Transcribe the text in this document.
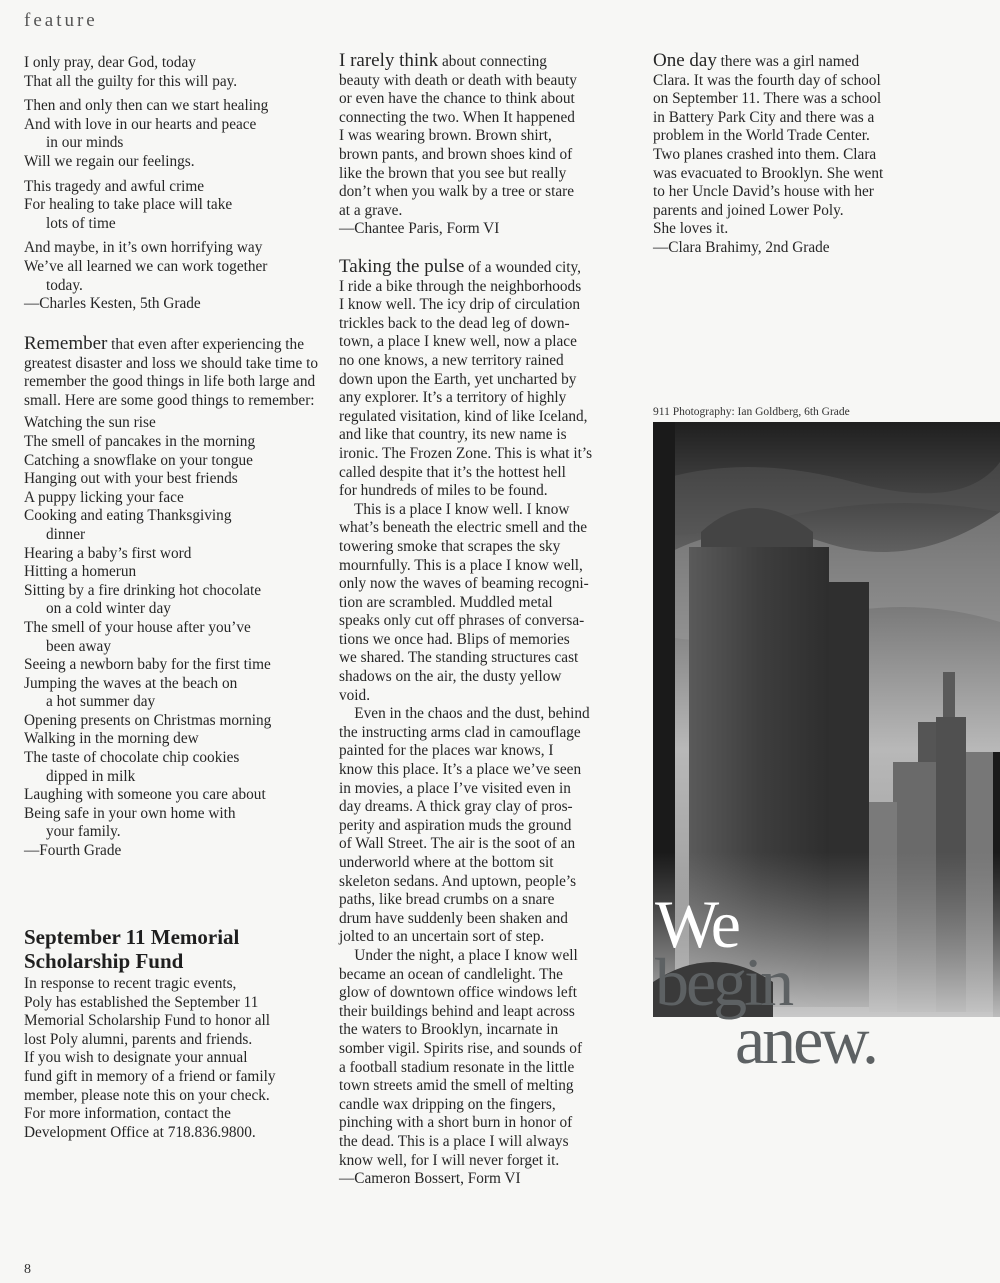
feature
I only pray, dear God, today
That all the guilty for this will pay.
Then and only then can we start healing
And with love in our hearts and peace
in our minds
Will we regain our feelings.
This tragedy and awful crime
For healing to take place will take
lots of time
And maybe, in it’s own horrifying way
We’ve all learned we can work together
today.
—Charles Kesten, 5th Grade
Remember that even after experiencing the greatest disaster and loss we should take time to remember the good things in life both large and small. Here are some good things to remember:
Watching the sun rise
The smell of pancakes in the morning
Catching a snowflake on your tongue
Hanging out with your best friends
A puppy licking your face
Cooking and eating Thanksgiving
dinner
Hearing a baby’s first word
Hitting a homerun
Sitting by a fire drinking hot chocolate
on a cold winter day
The smell of your house after you’ve
been away
Seeing a newborn baby for the first time
Jumping the waves at the beach on
a hot summer day
Opening presents on Christmas morning
Walking in the morning dew
The taste of chocolate chip cookies
dipped in milk
Laughing with someone you care about
Being safe in your own home with
your family.
—Fourth Grade
September 11 Memorial
Scholarship Fund
In response to recent tragic events,
Poly has established the September 11
Memorial Scholarship Fund to honor all
lost Poly alumni, parents and friends.
If you wish to designate your annual
fund gift in memory of a friend or family
member, please note this on your check.
For more information, contact the
Development Office at 718.836.9800.
I rarely think about connecting
beauty with death or death with beauty
or even have the chance to think about
connecting the two. When It happened
I was wearing brown. Brown shirt,
brown pants, and brown shoes kind of
like the brown that you see but really
don’t when you walk by a tree or stare
at a grave.
—Chantee Paris, Form VI
Taking the pulse of a wounded city,
I ride a bike through the neighborhoods
I know well. The icy drip of circulation
trickles back to the dead leg of down-
town, a place I knew well, now a place
no one knows, a new territory rained
down upon the Earth, yet uncharted by
any explorer. It’s a territory of highly
regulated visitation, kind of like Iceland,
and like that country, its new name is
ironic. The Frozen Zone. This is what it’s
called despite that it’s the hottest hell
for hundreds of miles to be found.
This is a place I know well. I know
what’s beneath the electric smell and the
towering smoke that scrapes the sky
mournfully. This is a place I know well,
only now the waves of beaming recogni-
tion are scrambled. Muddled metal
speaks only cut off phrases of conversa-
tions we once had. Blips of memories
we shared. The standing structures cast
shadows on the air, the dusty yellow
void.
Even in the chaos and the dust, behind
the instructing arms clad in camouflage
painted for the places war knows, I
know this place. It’s a place we’ve seen
in movies, a place I’ve visited even in
day dreams. A thick gray clay of pros-
perity and aspiration muds the ground
of Wall Street. The air is the soot of an
underworld where at the bottom sit
skeleton sedans. And uptown, people’s
paths, like bread crumbs on a snare
drum have suddenly been shaken and
jolted to an uncertain sort of step.
Under the night, a place I know well
became an ocean of candlelight. The
glow of downtown office windows left
their buildings behind and leapt across
the waters to Brooklyn, incarnate in
somber vigil. Spirits rise, and sounds of
a football stadium resonate in the little
town streets amid the smell of melting
candle wax dripping on the fingers,
pinching with a short burn in honor of
the dead. This is a place I will always
know well, for I will never forget it.
—Cameron Bossert, Form VI
One day there was a girl named
Clara. It was the fourth day of school
on September 11. There was a school
in Battery Park City and there was a
problem in the World Trade Center.
Two planes crashed into them. Clara
was evacuated to Brooklyn. She went
to her Uncle David’s house with her
parents and joined Lower Poly.
She loves it.
—Clara Brahimy, 2nd Grade
911 Photography: Ian Goldberg, 6th Grade
We
begin
anew.
8
